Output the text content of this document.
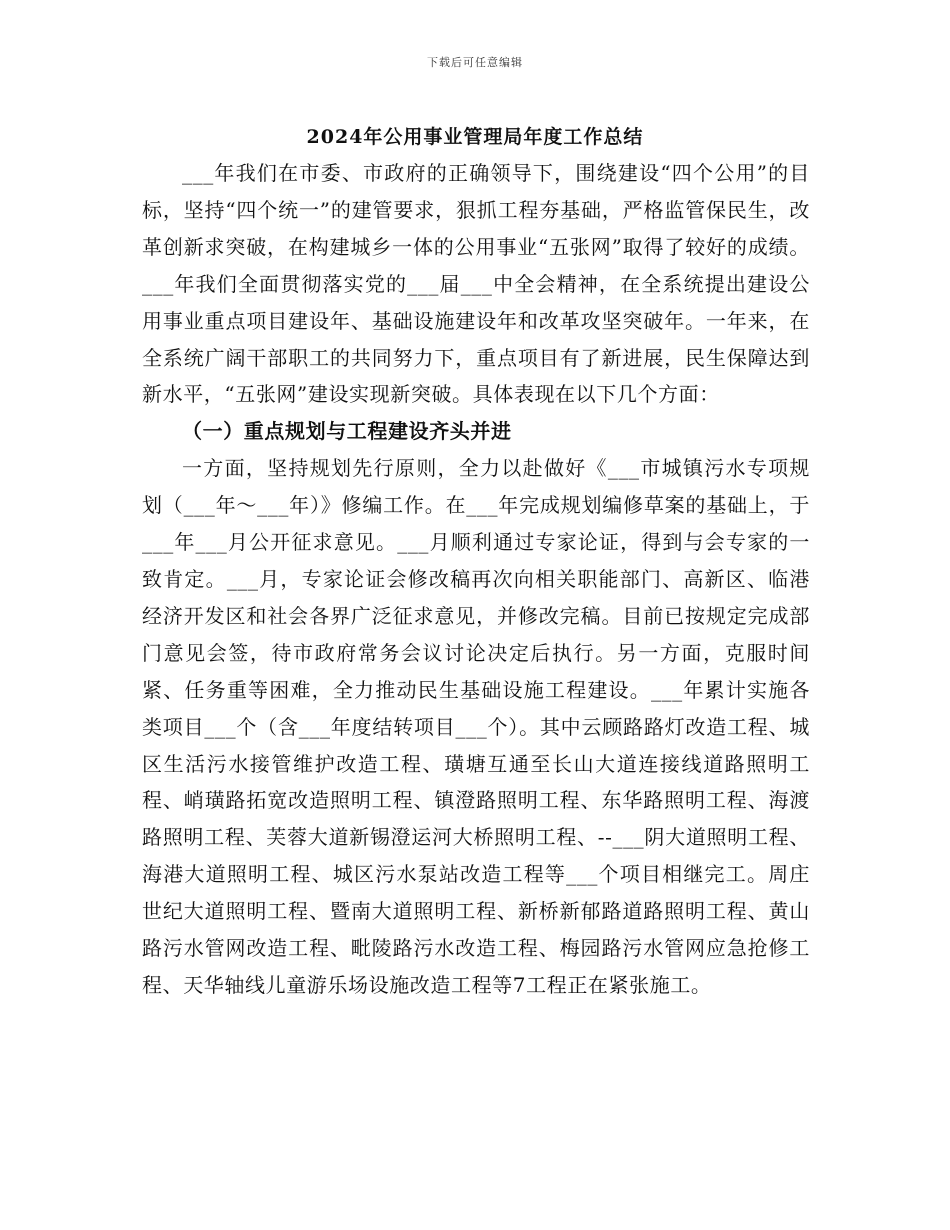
下载后可任意编辑
2024年公用事业管理局年度工作总结

___年我们在市委、市政府的正确领导下，围绕建设“四个公用”的目标，坚持“四个统一”的建管要求，狠抓工程夯基础，严格监管保民生，改革创新求突破，在构建城乡一体的公用事业“五张网”取得了较好的成绩。___年我们全面贯彻落实党的___届___中全会精神，在全系统提出建设公用事业重点项目建设年、基础设施建设年和改革攻坚突破年。一年来，在全系统广阔干部职工的共同努力下，重点项目有了新进展，民生保障达到新水平，“五张网”建设实现新突破。具体表现在以下几个方面：

（一）重点规划与工程建设齐头并进

一方面，坚持规划先行原则，全力以赴做好《___市城镇污水专项规划（___年～___年）》修编工作。在___年完成规划编修草案的基础上，于___年___月公开征求意见。___月顺利通过专家论证，得到与会专家的一致肯定。___月，专家论证会修改稿再次向相关职能部门、高新区、临港经济开发区和社会各界广泛征求意见，并修改完稿。目前已按规定完成部门意见会签，待市政府常务会议讨论决定后执行。另一方面，克服时间紧、任务重等困难，全力推动民生基础设施工程建设。___年累计实施各类项目___个（含___年度结转项目___个）。其中云顾路路灯改造工程、城区生活污水接管维护改造工程、璜塘互通至长山大道连接线道路照明工程、峭璜路拓宽改造照明工程、镇澄路照明工程、东华路照明工程、海渡路照明工程、芙蓉大道新锡澄运河大桥照明工程、--___阴大道照明工程、海港大道照明工程、城区污水泵站改造工程等___个项目相继完工。周庄世纪大道照明工程、暨南大道照明工程、新桥新郁路道路照明工程、黄山路污水管网改造工程、毗陵路污水改造工程、梅园路污水管网应急抢修工程、天华轴线儿童游乐场设施改造工程等7工程正在紧张施工。
